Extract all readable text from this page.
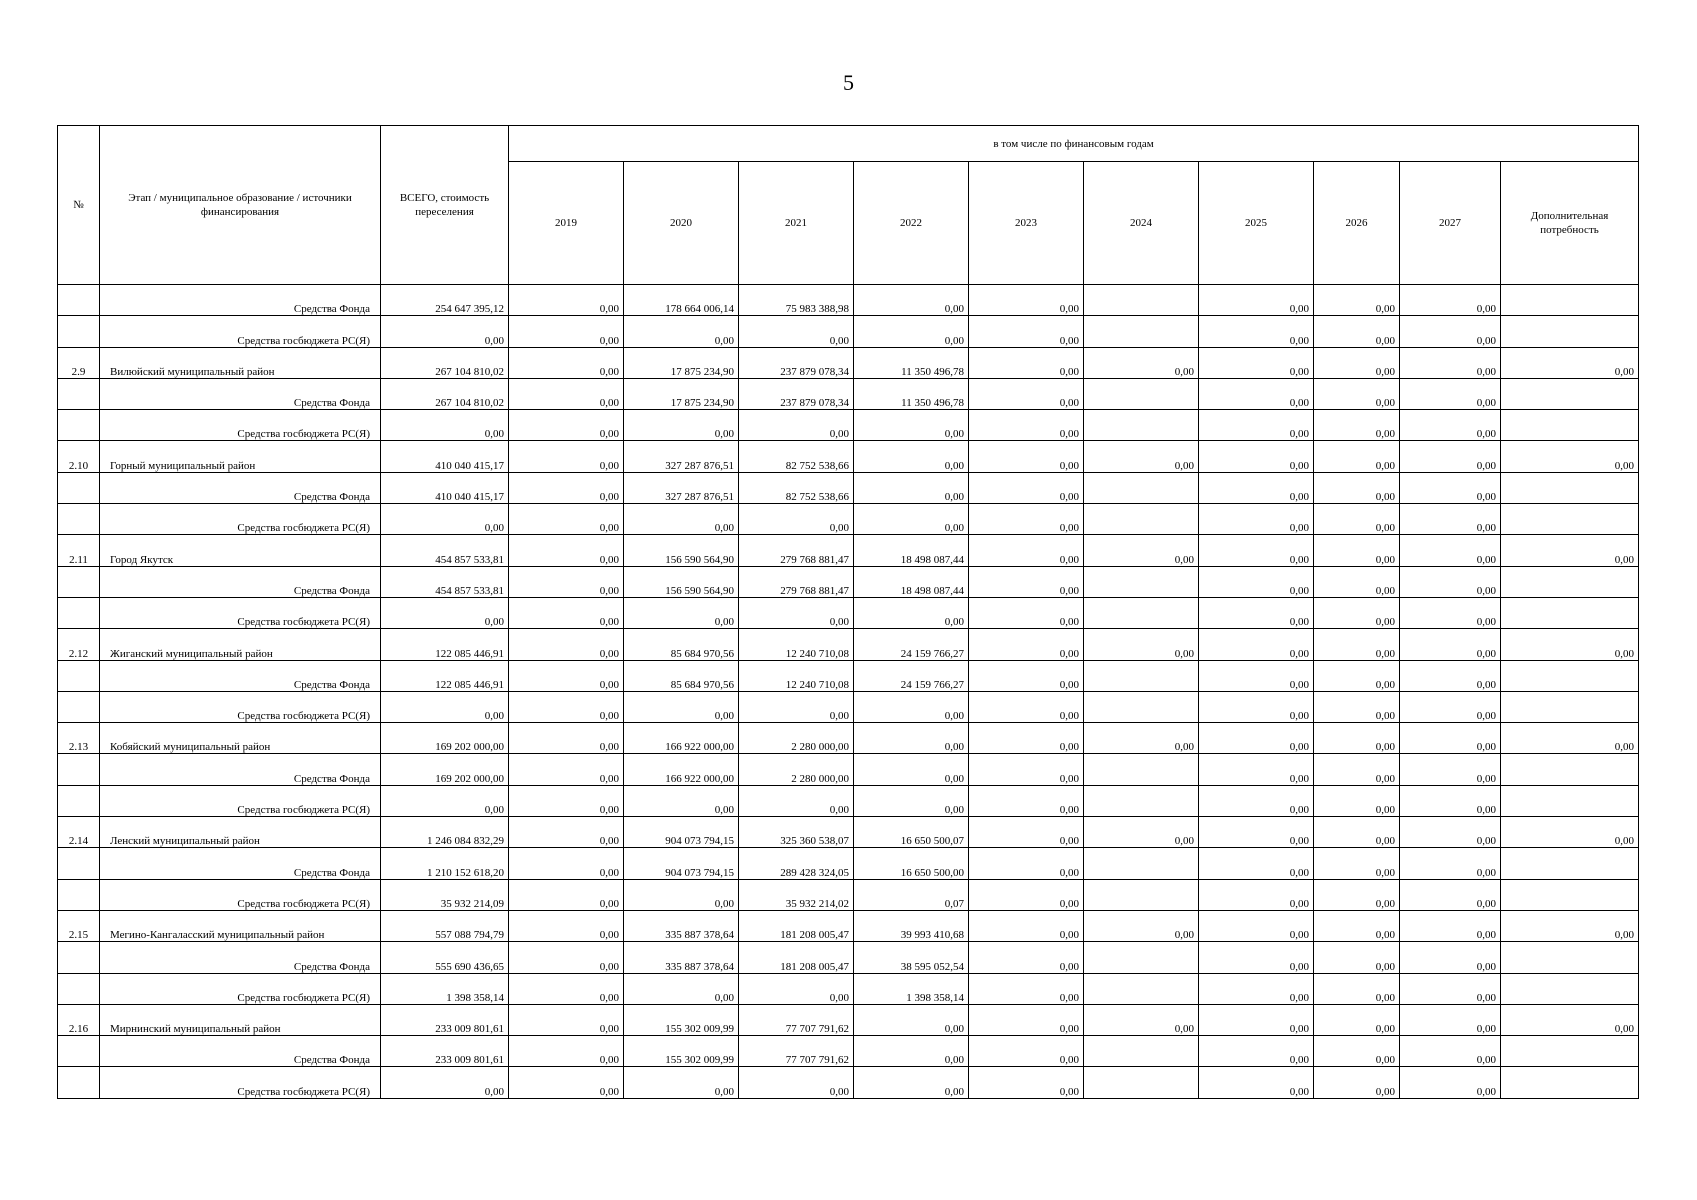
5
№	Этап / муниципальное образование / источники финансирования	ВСЕГО, стоимость переселения	в том числе по финансовым годам									
			2019	2020	2021	2022	2023	2024	2025	2026	2027	Дополнительная потребность
	Средства Фонда	254 647 395,12	0,00	178 664 006,14	75 983 388,98	0,00	0,00		0,00	0,00	0,00	
	Средства госбюджета РС(Я)	0,00	0,00	0,00	0,00	0,00	0,00		0,00	0,00	0,00	
2.9	Вилюйский муниципальный район	267 104 810,02	0,00	17 875 234,90	237 879 078,34	11 350 496,78	0,00	0,00	0,00	0,00	0,00	0,00
	Средства Фонда	267 104 810,02	0,00	17 875 234,90	237 879 078,34	11 350 496,78	0,00		0,00	0,00	0,00	
	Средства госбюджета РС(Я)	0,00	0,00	0,00	0,00	0,00	0,00		0,00	0,00	0,00	
2.10	Горный муниципальный район	410 040 415,17	0,00	327 287 876,51	82 752 538,66	0,00	0,00	0,00	0,00	0,00	0,00	0,00
	Средства Фонда	410 040 415,17	0,00	327 287 876,51	82 752 538,66	0,00	0,00		0,00	0,00	0,00	
	Средства госбюджета РС(Я)	0,00	0,00	0,00	0,00	0,00	0,00		0,00	0,00	0,00	
2.11	Город Якутск	454 857 533,81	0,00	156 590 564,90	279 768 881,47	18 498 087,44	0,00	0,00	0,00	0,00	0,00	0,00
	Средства Фонда	454 857 533,81	0,00	156 590 564,90	279 768 881,47	18 498 087,44	0,00		0,00	0,00	0,00	
	Средства госбюджета РС(Я)	0,00	0,00	0,00	0,00	0,00	0,00		0,00	0,00	0,00	
2.12	Жиганский муниципальный район	122 085 446,91	0,00	85 684 970,56	12 240 710,08	24 159 766,27	0,00	0,00	0,00	0,00	0,00	0,00
	Средства Фонда	122 085 446,91	0,00	85 684 970,56	12 240 710,08	24 159 766,27	0,00		0,00	0,00	0,00	
	Средства госбюджета РС(Я)	0,00	0,00	0,00	0,00	0,00	0,00		0,00	0,00	0,00	
2.13	Кобяйский муниципальный район	169 202 000,00	0,00	166 922 000,00	2 280 000,00	0,00	0,00	0,00	0,00	0,00	0,00	0,00
	Средства Фонда	169 202 000,00	0,00	166 922 000,00	2 280 000,00	0,00	0,00		0,00	0,00	0,00	
	Средства госбюджета РС(Я)	0,00	0,00	0,00	0,00	0,00	0,00		0,00	0,00	0,00	
2.14	Ленский муниципальный район	1 246 084 832,29	0,00	904 073 794,15	325 360 538,07	16 650 500,07	0,00	0,00	0,00	0,00	0,00	0,00
	Средства Фонда	1 210 152 618,20	0,00	904 073 794,15	289 428 324,05	16 650 500,00	0,00		0,00	0,00	0,00	
	Средства госбюджета РС(Я)	35 932 214,09	0,00	0,00	35 932 214,02	0,07	0,00		0,00	0,00	0,00	
2.15	Мегино-Кангаласский муниципальный район	557 088 794,79	0,00	335 887 378,64	181 208 005,47	39 993 410,68	0,00	0,00	0,00	0,00	0,00	0,00
	Средства Фонда	555 690 436,65	0,00	335 887 378,64	181 208 005,47	38 595 052,54	0,00		0,00	0,00	0,00	
	Средства госбюджета РС(Я)	1 398 358,14	0,00	0,00	0,00	1 398 358,14	0,00		0,00	0,00	0,00	
2.16	Мирнинский муниципальный район	233 009 801,61	0,00	155 302 009,99	77 707 791,62	0,00	0,00	0,00	0,00	0,00	0,00	0,00
	Средства Фонда	233 009 801,61	0,00	155 302 009,99	77 707 791,62	0,00	0,00		0,00	0,00	0,00	
	Средства госбюджета РС(Я)	0,00	0,00	0,00	0,00	0,00	0,00		0,00	0,00	0,00	
